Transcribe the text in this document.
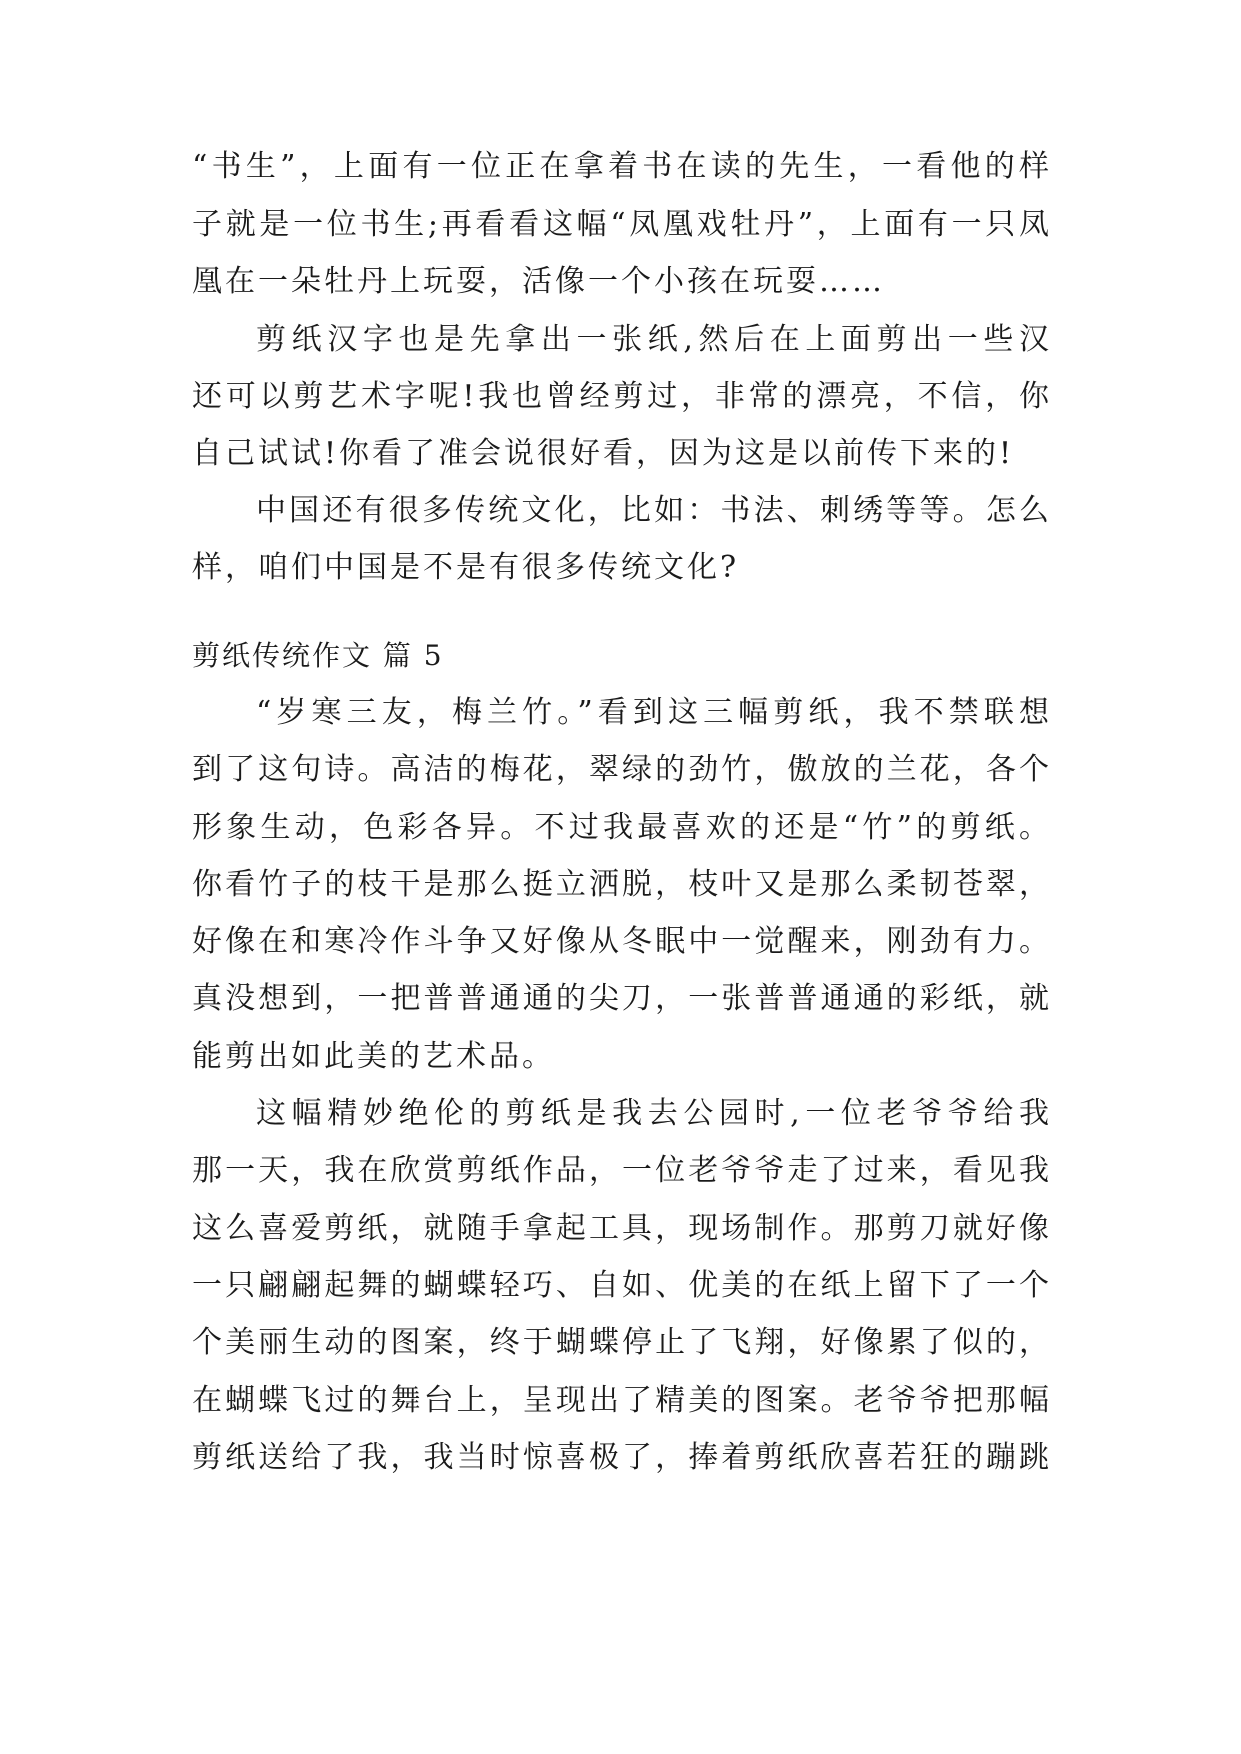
“书生”，上面有一位正在拿着书在读的先生，一看他的样
子就是一位书生;再看看这幅“凤凰戏牡丹”，上面有一只凤
凰在一朵牡丹上玩耍，活像一个小孩在玩耍……
剪纸汉字也是先拿出一张纸,然后在上面剪出一些汉
还可以剪艺术字呢!我也曾经剪过，非常的漂亮，不信，你
自己试试!你看了准会说很好看，因为这是以前传下来的!
中国还有很多传统文化，比如：书法、刺绣等等。怎么
样，咱们中国是不是有很多传统文化?
剪纸传统作文 篇 5
“岁寒三友，梅兰竹。”看到这三幅剪纸，我不禁联想
到了这句诗。高洁的梅花，翠绿的劲竹，傲放的兰花，各个
形象生动，色彩各异。不过我最喜欢的还是“竹”的剪纸。
你看竹子的枝干是那么挺立洒脱，枝叶又是那么柔韧苍翠，
好像在和寒冷作斗争又好像从冬眠中一觉醒来，刚劲有力。
真没想到，一把普普通通的尖刀，一张普普通通的彩纸，就
能剪出如此美的艺术品。
这幅精妙绝伦的剪纸是我去公园时,一位老爷爷给我
那一天，我在欣赏剪纸作品，一位老爷爷走了过来，看见我
这么喜爱剪纸，就随手拿起工具，现场制作。那剪刀就好像
一只翩翩起舞的蝴蝶轻巧、自如、优美的在纸上留下了一个
个美丽生动的图案，终于蝴蝶停止了飞翔，好像累了似的，
在蝴蝶飞过的舞台上，呈现出了精美的图案。老爷爷把那幅
剪纸送给了我，我当时惊喜极了，捧着剪纸欣喜若狂的蹦跳
